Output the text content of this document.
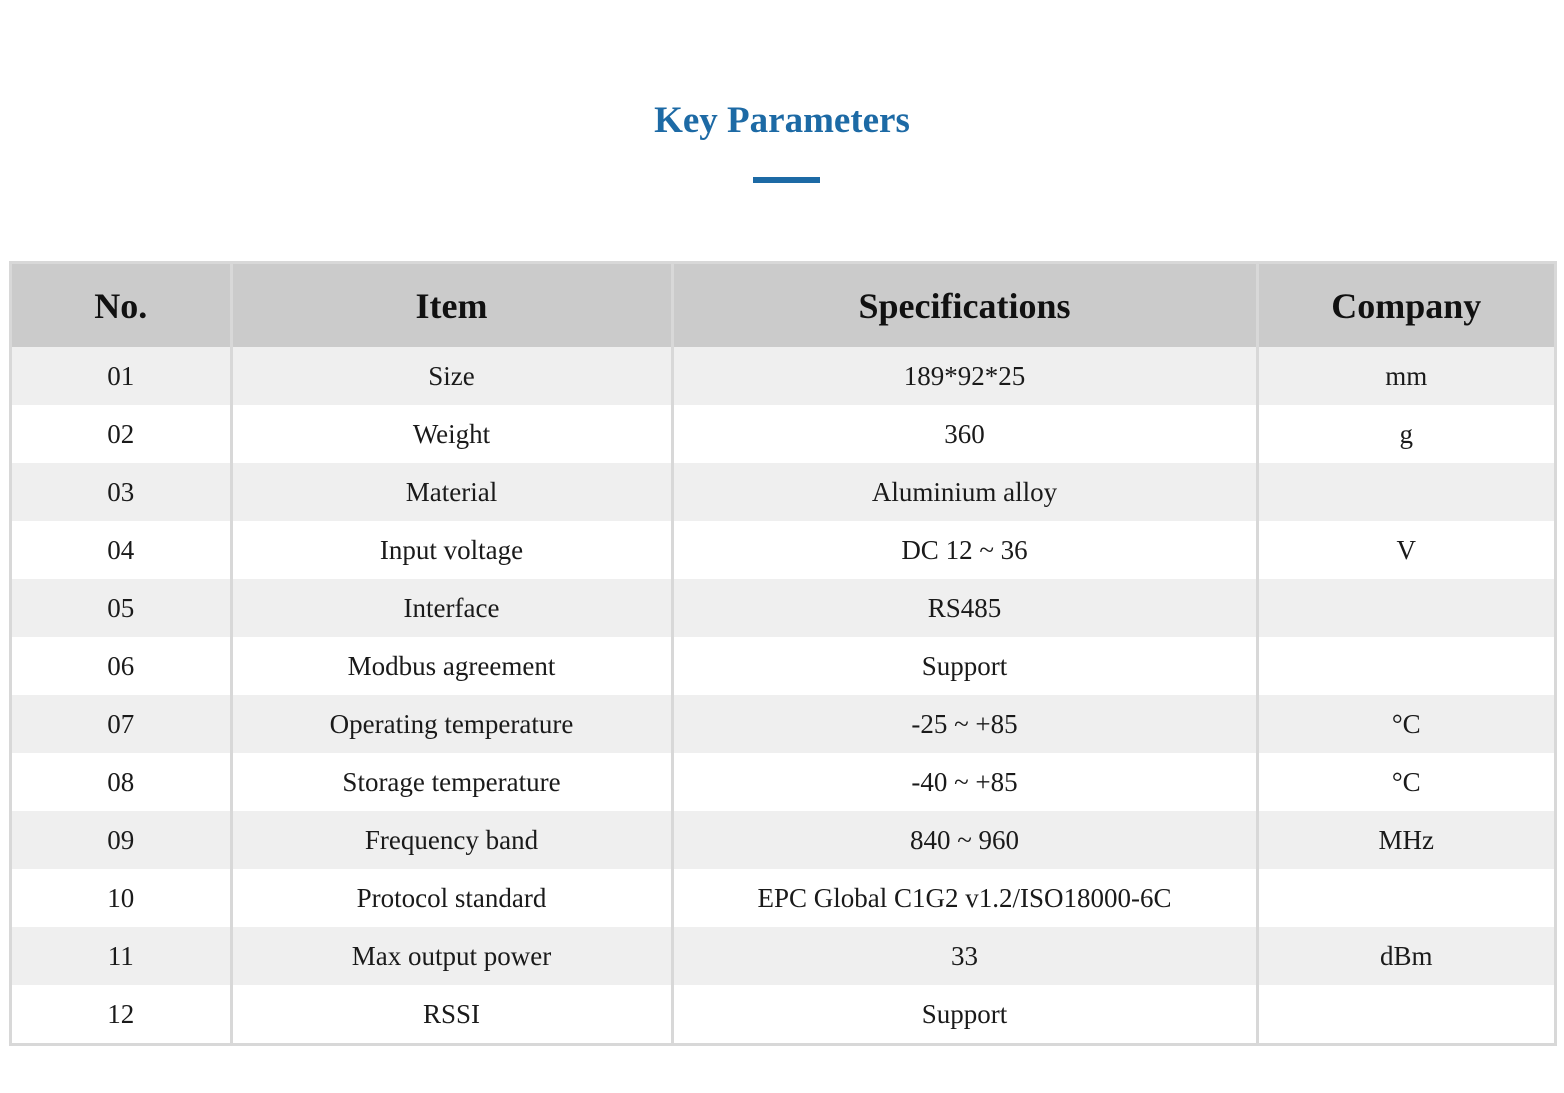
Key Parameters
No.	Item	Specifications	Company
01	Size	189*92*25	mm
02	Weight	360	g
03	Material	Aluminium alloy	
04	Input voltage	DC 12 ~ 36	V
05	Interface	RS485	
06	Modbus agreement	Support	
07	Operating temperature	-25 ~ +85	°C
08	Storage temperature	-40 ~ +85	°C
09	Frequency band	840 ~ 960	MHz
10	Protocol standard	EPC Global C1G2 v1.2/ISO18000-6C	
11	Max output power	33	dBm
12	RSSI	Support	
